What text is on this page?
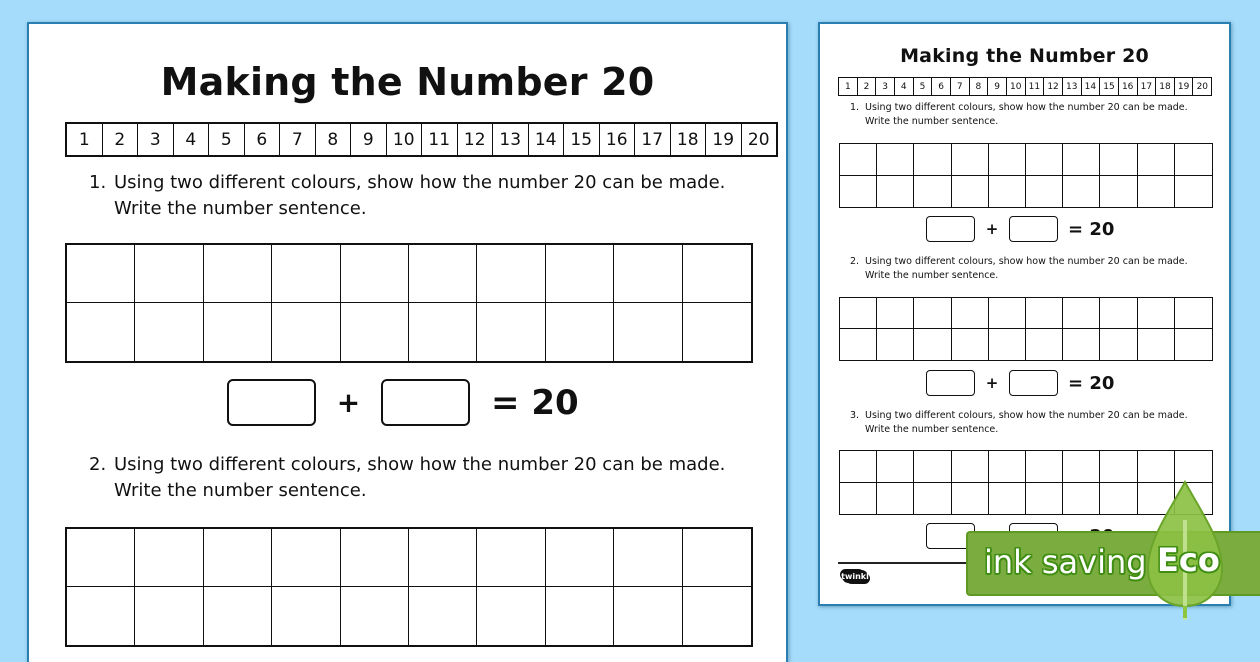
Making the Number 20
1	2	3	4	5	6	7	8	9	10 11 12 13 14 15 16 17 18 19 20
1. Using two different colours, show how the number 20 can be made.
Write the number sentence.
+	= 20
2. Using two different colours, show how the number 20 can be made.
Write the number sentence.
Making the Number 20
1	2	3	4	5	6	7	8	9	10 11 12 13 14 15 16 17 18 19 20
1. Using two different colours, show how the number 20 can be made.
Write the number sentence.
+	= 20
2. Using two different colours, show how the number 20 can be made.
Write the number sentence.
+	= 20
3. Using two different colours, show how the number 20 can be made.
Write the number sentence.
twinkl	ink saving Eco
